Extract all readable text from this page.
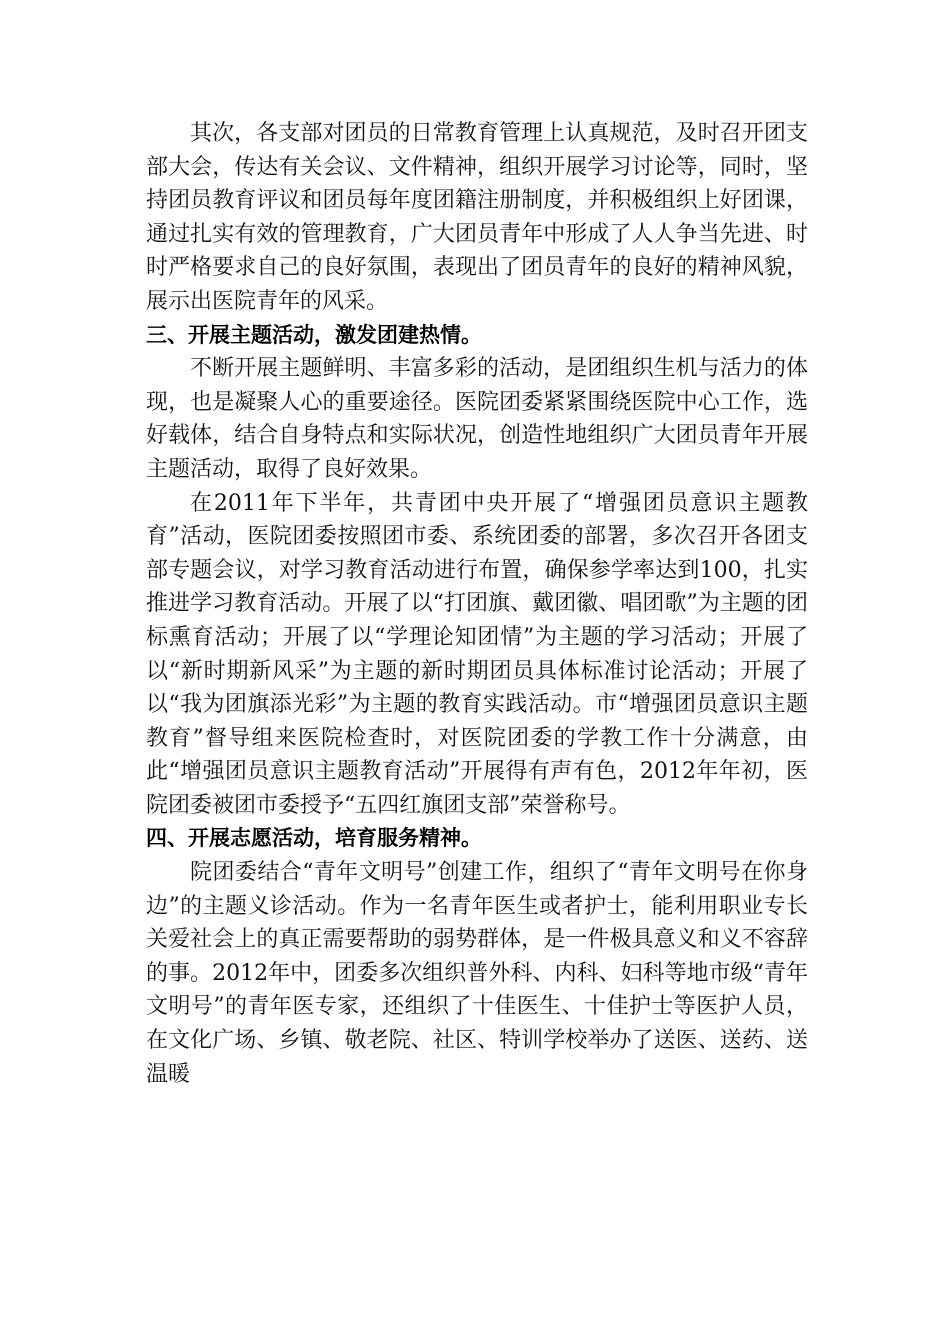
其次，各支部对团员的日常教育管理上认真规范，及时召开团支部大会，传达有关会议、文件精神，组织开展学习讨论等，同时，坚持团员教育评议和团员每年度团籍注册制度，并积极组织上好团课，通过扎实有效的管理教育，广大团员青年中形成了人人争当先进、时时严格要求自己的良好氛围，表现出了团员青年的良好的精神风貌，展示出医院青年的风采。

三、开展主题活动，激发团建热情。

不断开展主题鲜明、丰富多彩的活动，是团组织生机与活力的体现，也是凝聚人心的重要途径。医院团委紧紧围绕医院中心工作，选好载体，结合自身特点和实际状况，创造性地组织广大团员青年开展主题活动，取得了良好效果。

在2011年下半年，共青团中央开展了“增强团员意识主题教育”活动，医院团委按照团市委、系统团委的部署，多次召开各团支部专题会议，对学习教育活动进行布置，确保参学率达到100，扎实推进学习教育活动。开展了以“打团旗、戴团徽、唱团歌”为主题的团标熏育活动；开展了以“学理论知团情”为主题的学习活动；开展了以“新时期新风采”为主题的新时期团员具体标准讨论活动；开展了以“我为团旗添光彩”为主题的教育实践活动。市“增强团员意识主题教育”督导组来医院检查时，对医院团委的学教工作十分满意，由此“增强团员意识主题教育活动”开展得有声有色，2012年年初，医院团委被团市委授予“五四红旗团支部”荣誉称号。

四、开展志愿活动，培育服务精神。

院团委结合“青年文明号”创建工作，组织了“青年文明号在你身边”的主题义诊活动。作为一名青年医生或者护士，能利用职业专长关爱社会上的真正需要帮助的弱势群体，是一件极具意义和义不容辞的事。2012年中，团委多次组织普外科、内科、妇科等地市级“青年文明号”的青年医专家，还组织了十佳医生、十佳护士等医护人员，在文化广场、乡镇、敬老院、社区、特训学校举办了送医、送药、送温暖
